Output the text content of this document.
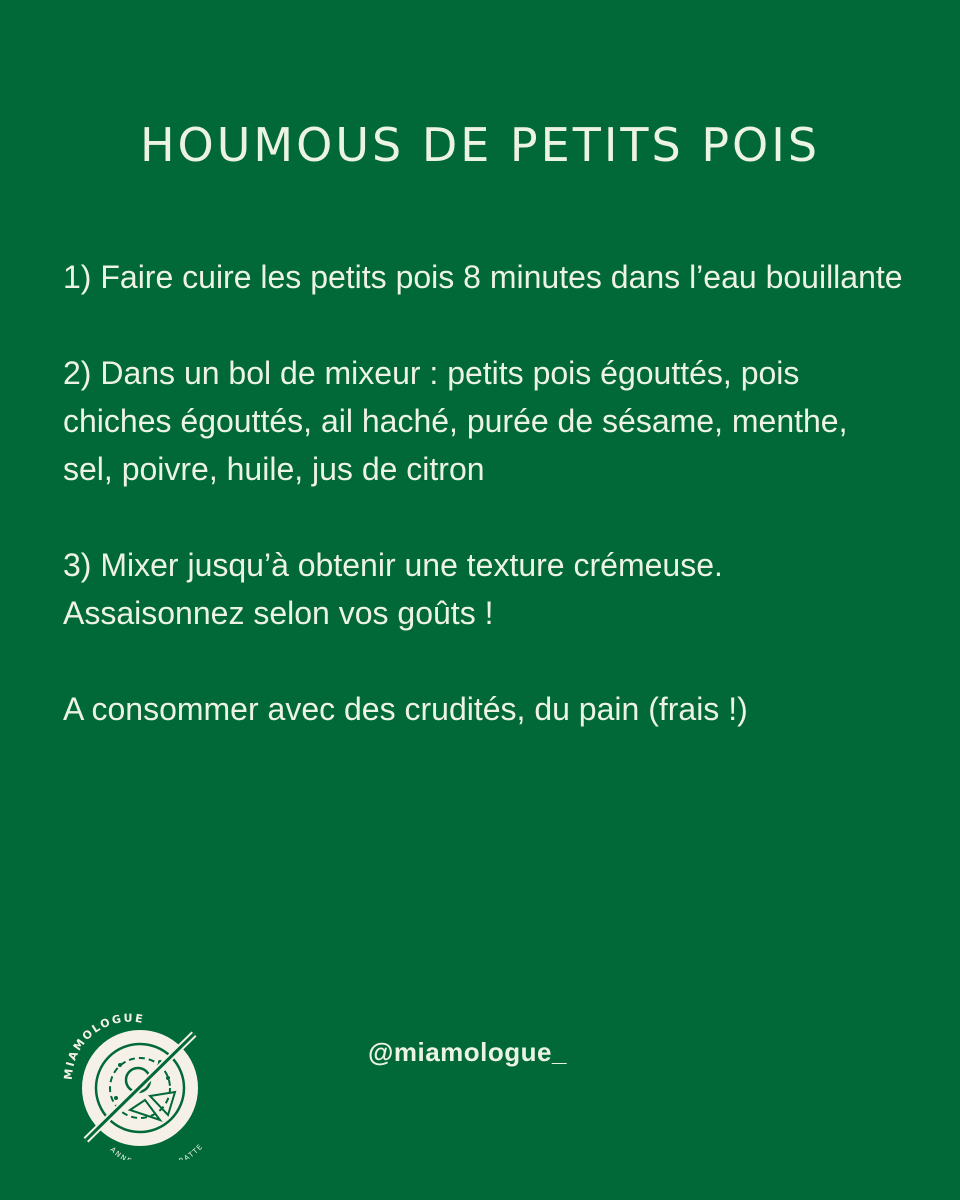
HOUMOUS DE PETITS POIS

1) Faire cuire les petits pois 8 minutes dans l’eau bouillante

2) Dans un bol de mixeur : petits pois égouttés, pois chiches égouttés, ail haché, purée de sésame, menthe, sel, poivre, huile, jus de citron

3) Mixer jusqu’à obtenir une texture crémeuse. Assaisonnez selon vos goûts !

A consommer avec des crudités, du pain (frais !)

MIAMOLOGUE
ANN ATTE
@miamologue_
